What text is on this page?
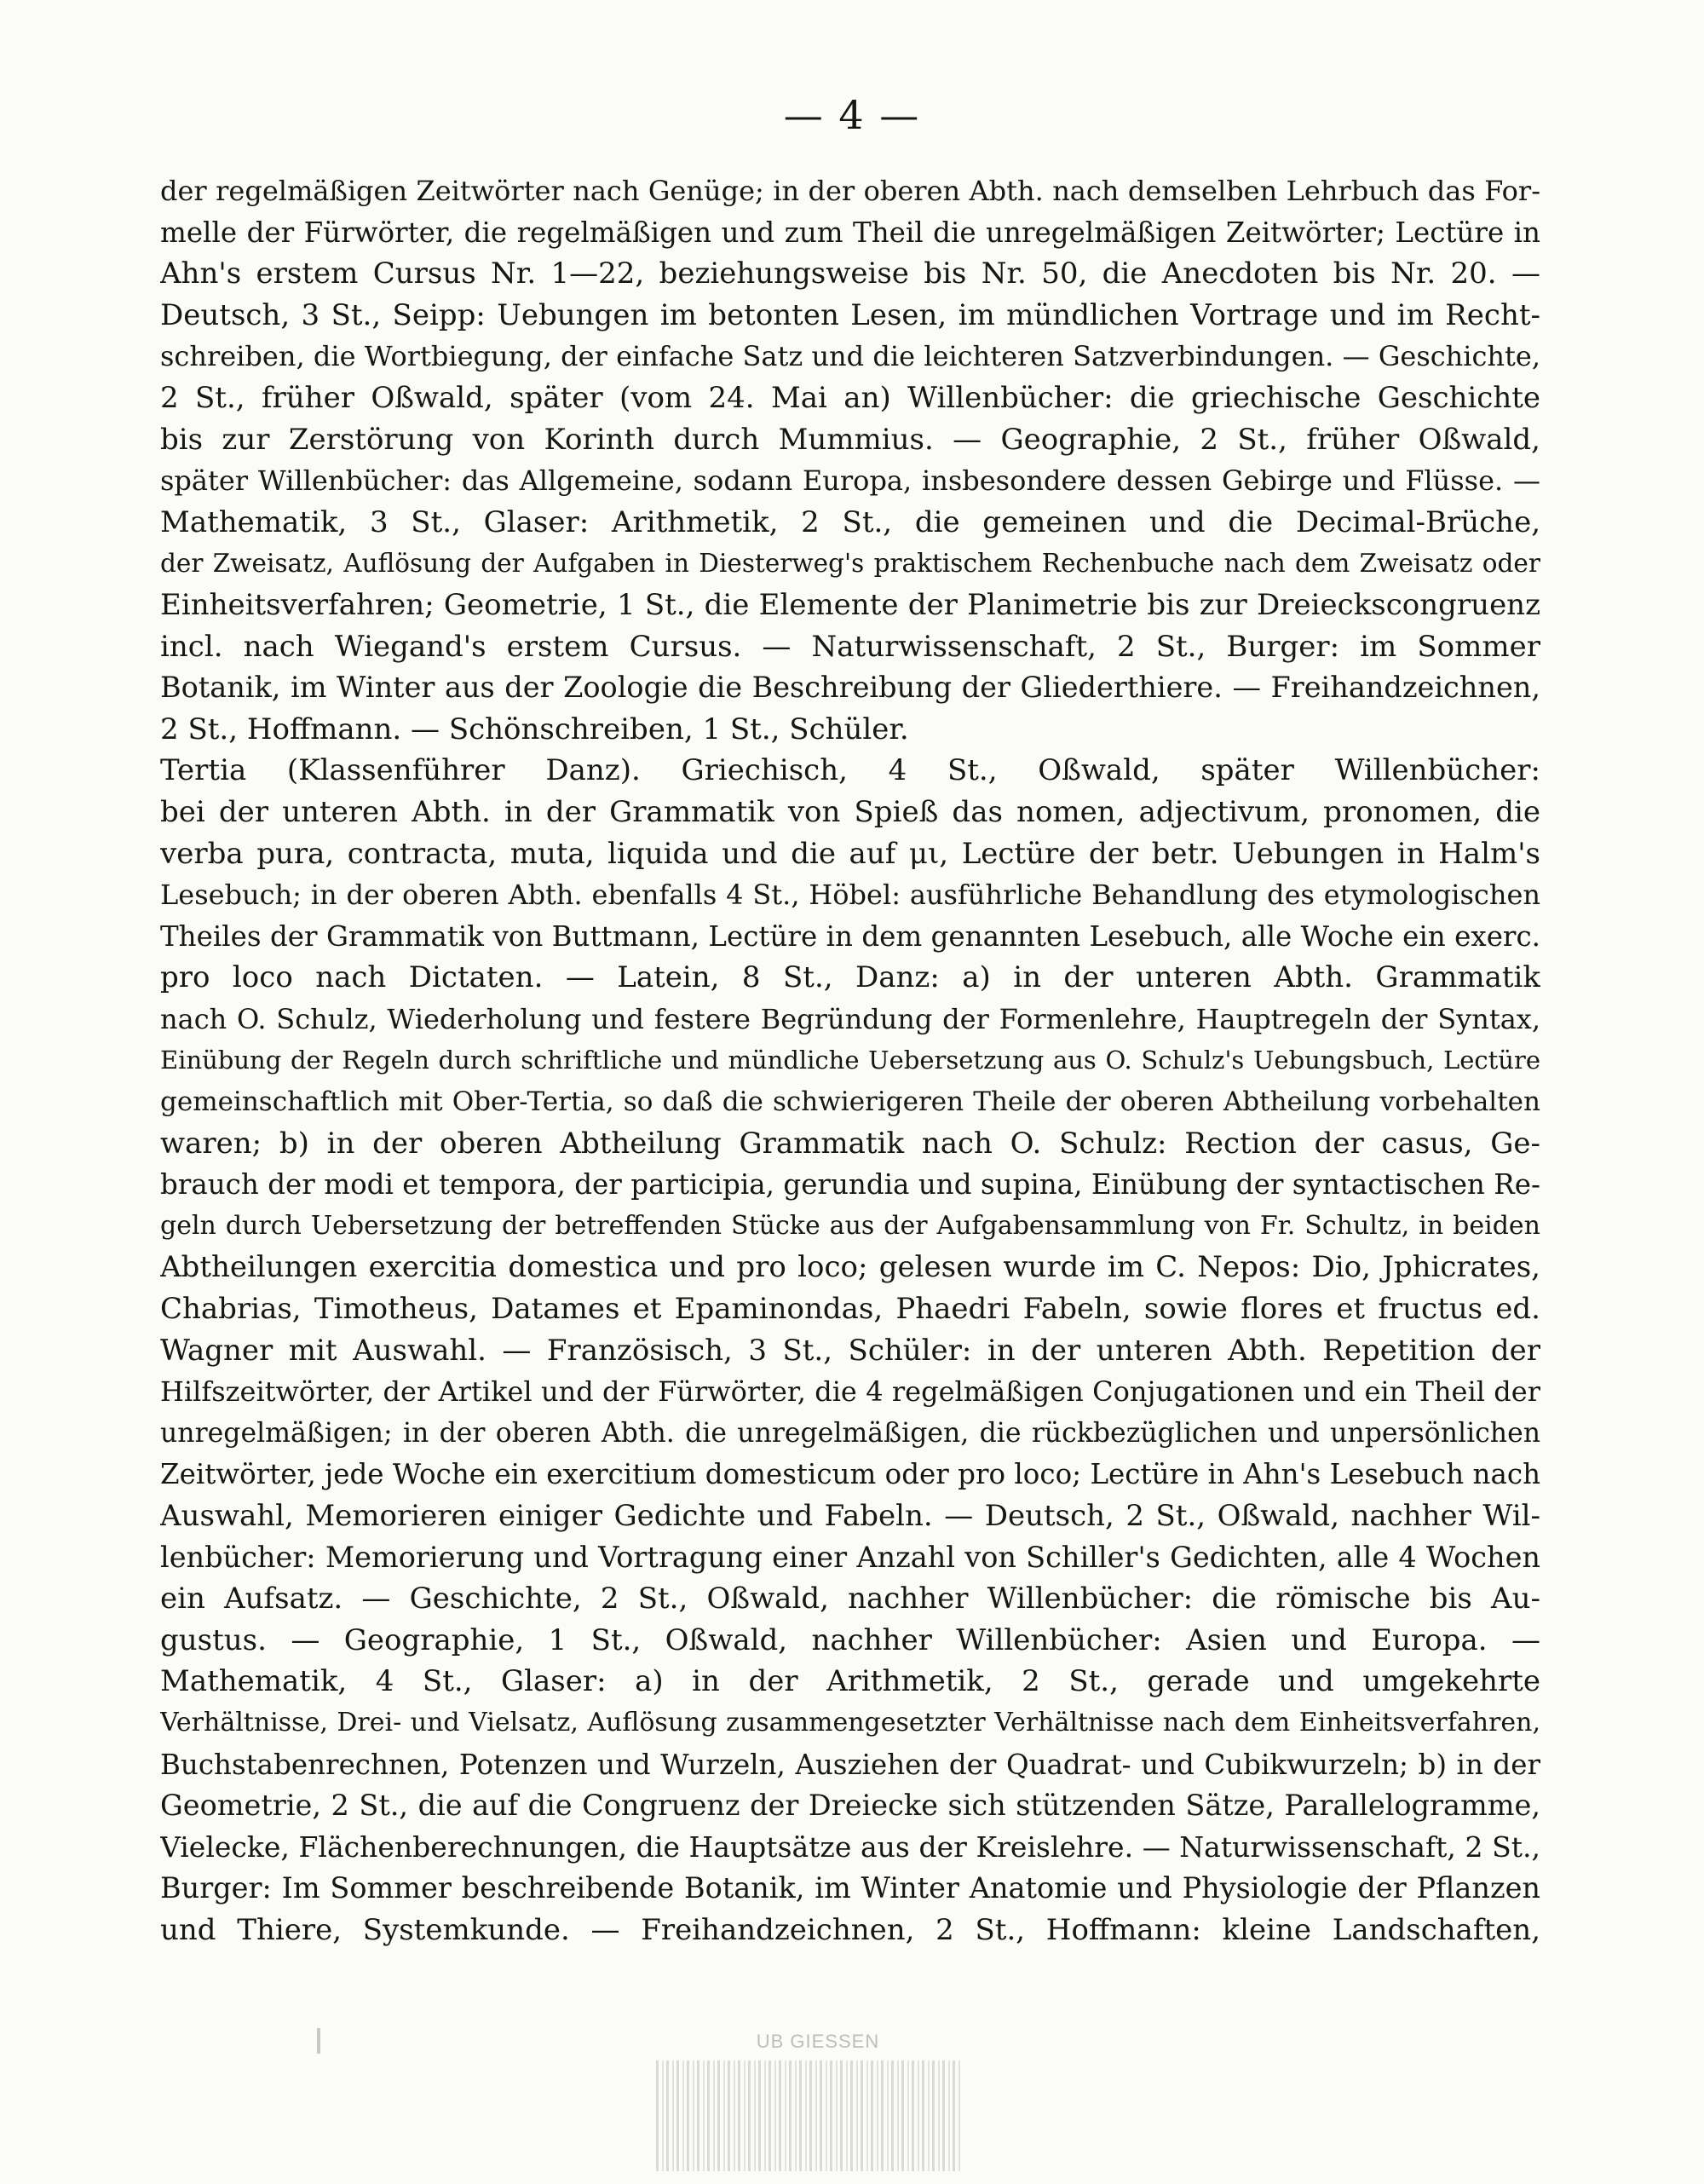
— 4 —
der regelmäßigen Zeitwörter nach Genüge; in der oberen Abth. nach demselben Lehrbuch das For-
melle der Fürwörter, die regelmäßigen und zum Theil die unregelmäßigen Zeitwörter; Lectüre in
Ahn's erstem Cursus Nr. 1—22, beziehungsweise bis Nr. 50, die Anecdoten bis Nr. 20. —
Deutsch, 3 St., Seipp: Uebungen im betonten Lesen, im mündlichen Vortrage und im Recht-
schreiben, die Wortbiegung, der einfache Satz und die leichteren Satzverbindungen. — Geschichte,
2 St., früher Oßwald, später (vom 24. Mai an) Willenbücher: die griechische Geschichte
bis zur Zerstörung von Korinth durch Mummius. — Geographie, 2 St., früher Oßwald,
später Willenbücher: das Allgemeine, sodann Europa, insbesondere dessen Gebirge und Flüsse. —
Mathematik, 3 St., Glaser: Arithmetik, 2 St., die gemeinen und die Decimal-Brüche,
der Zweisatz, Auflösung der Aufgaben in Diesterweg's praktischem Rechenbuche nach dem Zweisatz oder
Einheitsverfahren; Geometrie, 1 St., die Elemente der Planimetrie bis zur Dreieckscongruenz
incl. nach Wiegand's erstem Cursus. — Naturwissenschaft, 2 St., Burger: im Sommer
Botanik, im Winter aus der Zoologie die Beschreibung der Gliederthiere. — Freihandzeichnen,
2 St., Hoffmann. — Schönschreiben, 1 St., Schüler.
Tertia (Klassenführer Danz). Griechisch, 4 St., Oßwald, später Willenbücher:
bei der unteren Abth. in der Grammatik von Spieß das nomen, adjectivum, pronomen, die
verba pura, contracta, muta, liquida und die auf μι, Lectüre der betr. Uebungen in Halm's
Lesebuch; in der oberen Abth. ebenfalls 4 St., Höbel: ausführliche Behandlung des etymologischen
Theiles der Grammatik von Buttmann, Lectüre in dem genannten Lesebuch, alle Woche ein exerc.
pro loco nach Dictaten. — Latein, 8 St., Danz: a) in der unteren Abth. Grammatik
nach O. Schulz, Wiederholung und festere Begründung der Formenlehre, Hauptregeln der Syntax,
Einübung der Regeln durch schriftliche und mündliche Uebersetzung aus O. Schulz's Uebungsbuch, Lectüre
gemeinschaftlich mit Ober-Tertia, so daß die schwierigeren Theile der oberen Abtheilung vorbehalten
waren; b) in der oberen Abtheilung Grammatik nach O. Schulz: Rection der casus, Ge-
brauch der modi et tempora, der participia, gerundia und supina, Einübung der syntactischen Re-
geln durch Uebersetzung der betreffenden Stücke aus der Aufgabensammlung von Fr. Schultz, in beiden
Abtheilungen exercitia domestica und pro loco; gelesen wurde im C. Nepos: Dio, Jphicrates,
Chabrias, Timotheus, Datames et Epaminondas, Phaedri Fabeln, sowie flores et fructus ed.
Wagner mit Auswahl. — Französisch, 3 St., Schüler: in der unteren Abth. Repetition der
Hilfszeitwörter, der Artikel und der Fürwörter, die 4 regelmäßigen Conjugationen und ein Theil der
unregelmäßigen; in der oberen Abth. die unregelmäßigen, die rückbezüglichen und unpersönlichen
Zeitwörter, jede Woche ein exercitium domesticum oder pro loco; Lectüre in Ahn's Lesebuch nach
Auswahl, Memorieren einiger Gedichte und Fabeln. — Deutsch, 2 St., Oßwald, nachher Wil-
lenbücher: Memorierung und Vortragung einer Anzahl von Schiller's Gedichten, alle 4 Wochen
ein Aufsatz. — Geschichte, 2 St., Oßwald, nachher Willenbücher: die römische bis Au-
gustus. — Geographie, 1 St., Oßwald, nachher Willenbücher: Asien und Europa. —
Mathematik, 4 St., Glaser: a) in der Arithmetik, 2 St., gerade und umgekehrte
Verhältnisse, Drei- und Vielsatz, Auflösung zusammengesetzter Verhältnisse nach dem Einheitsverfahren,
Buchstabenrechnen, Potenzen und Wurzeln, Ausziehen der Quadrat- und Cubikwurzeln; b) in der
Geometrie, 2 St., die auf die Congruenz der Dreiecke sich stützenden Sätze, Parallelogramme,
Vielecke, Flächenberechnungen, die Hauptsätze aus der Kreislehre. — Naturwissenschaft, 2 St.,
Burger: Im Sommer beschreibende Botanik, im Winter Anatomie und Physiologie der Pflanzen
und Thiere, Systemkunde. — Freihandzeichnen, 2 St., Hoffmann: kleine Landschaften,
UB GIESSEN
